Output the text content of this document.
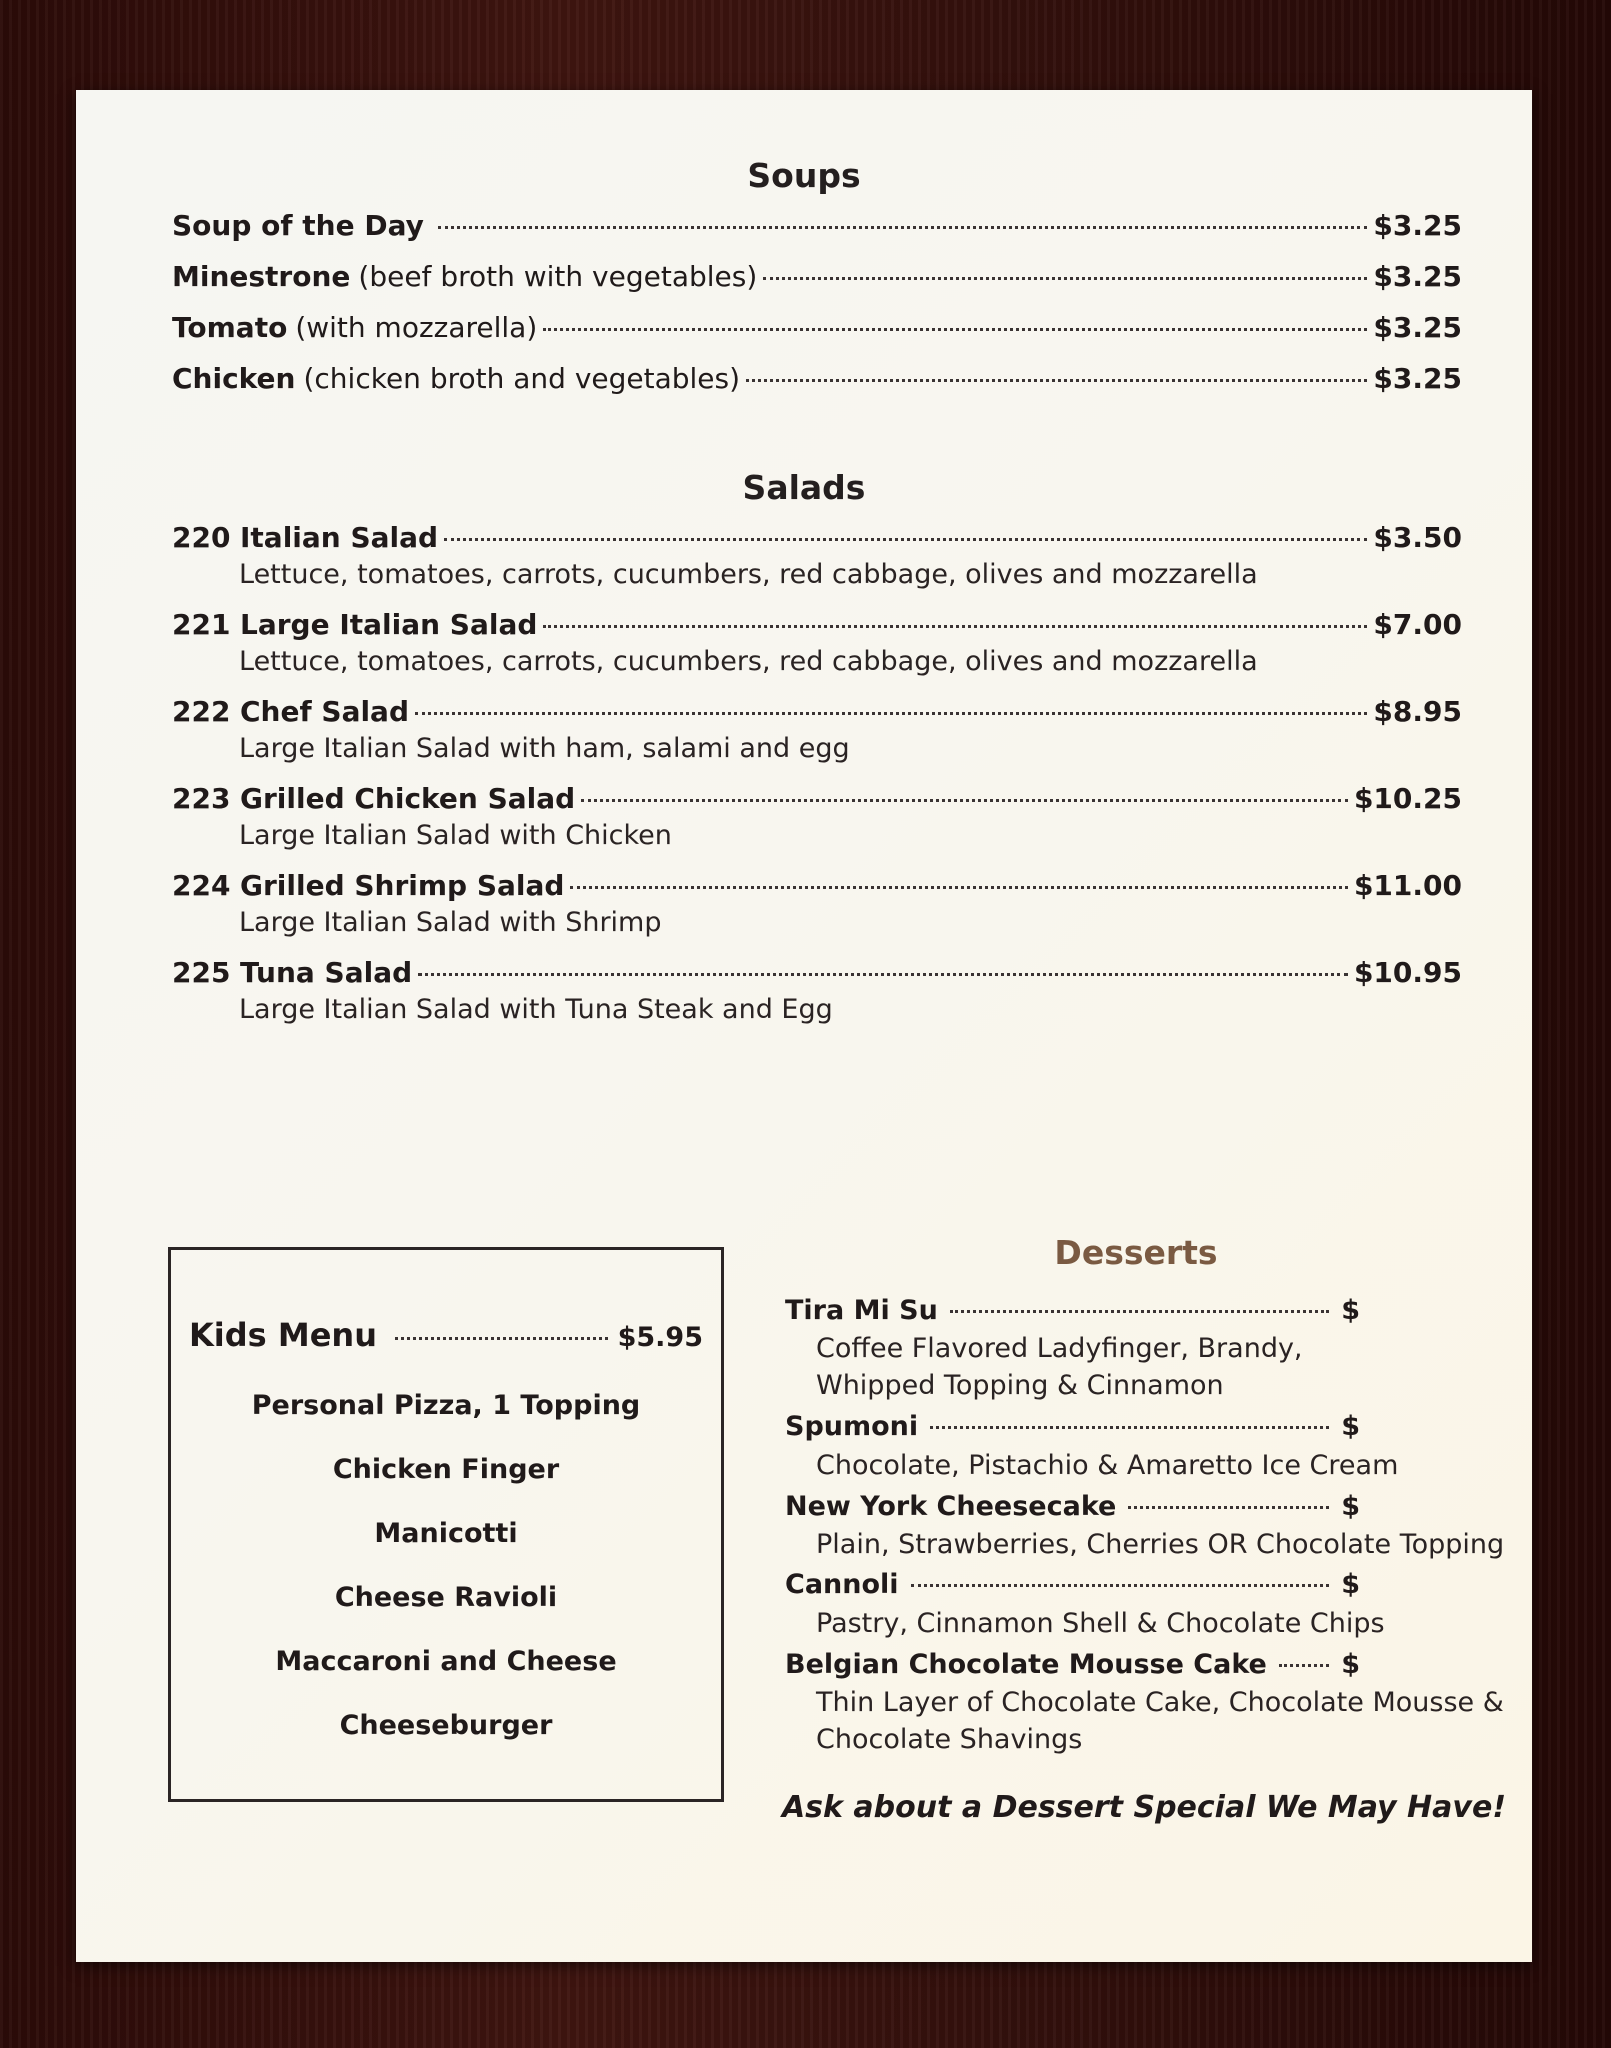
Soups
Soup of the Day	$3.25
Minestrone (beef broth with vegetables)	$3.25
Tomato (with mozzarella)	$3.25
Chicken (chicken broth and vegetables)	$3.25
Salads
220 Italian Salad	$3.50
Lettuce, tomatoes, carrots, cucumbers, red cabbage, olives and mozzarella
221 Large Italian Salad	$7.00
Lettuce, tomatoes, carrots, cucumbers, red cabbage, olives and mozzarella
222 Chef Salad	$8.95
Large Italian Salad with ham, salami and egg
223 Grilled Chicken Salad	$10.25
Large Italian Salad with Chicken
224 Grilled Shrimp Salad	$11.00
Large Italian Salad with Shrimp
225 Tuna Salad	$10.95
Large Italian Salad with Tuna Steak and Egg
Kids Menu	$5.95
Personal Pizza, 1 Topping
Chicken Finger
Manicotti
Cheese Ravioli
Maccaroni and Cheese
Cheeseburger
Desserts
Tira Mi Su	$
Coffee Flavored Ladyfinger, Brandy,
Whipped Topping & Cinnamon
Spumoni	$
Chocolate, Pistachio & Amaretto Ice Cream
New York Cheesecake	$
Plain, Strawberries, Cherries OR Chocolate Topping
Cannoli	$
Pastry, Cinnamon Shell & Chocolate Chips
Belgian Chocolate Mousse Cake	$
Thin Layer of Chocolate Cake, Chocolate Mousse &
Chocolate Shavings
Ask about a Dessert Special We May Have!
